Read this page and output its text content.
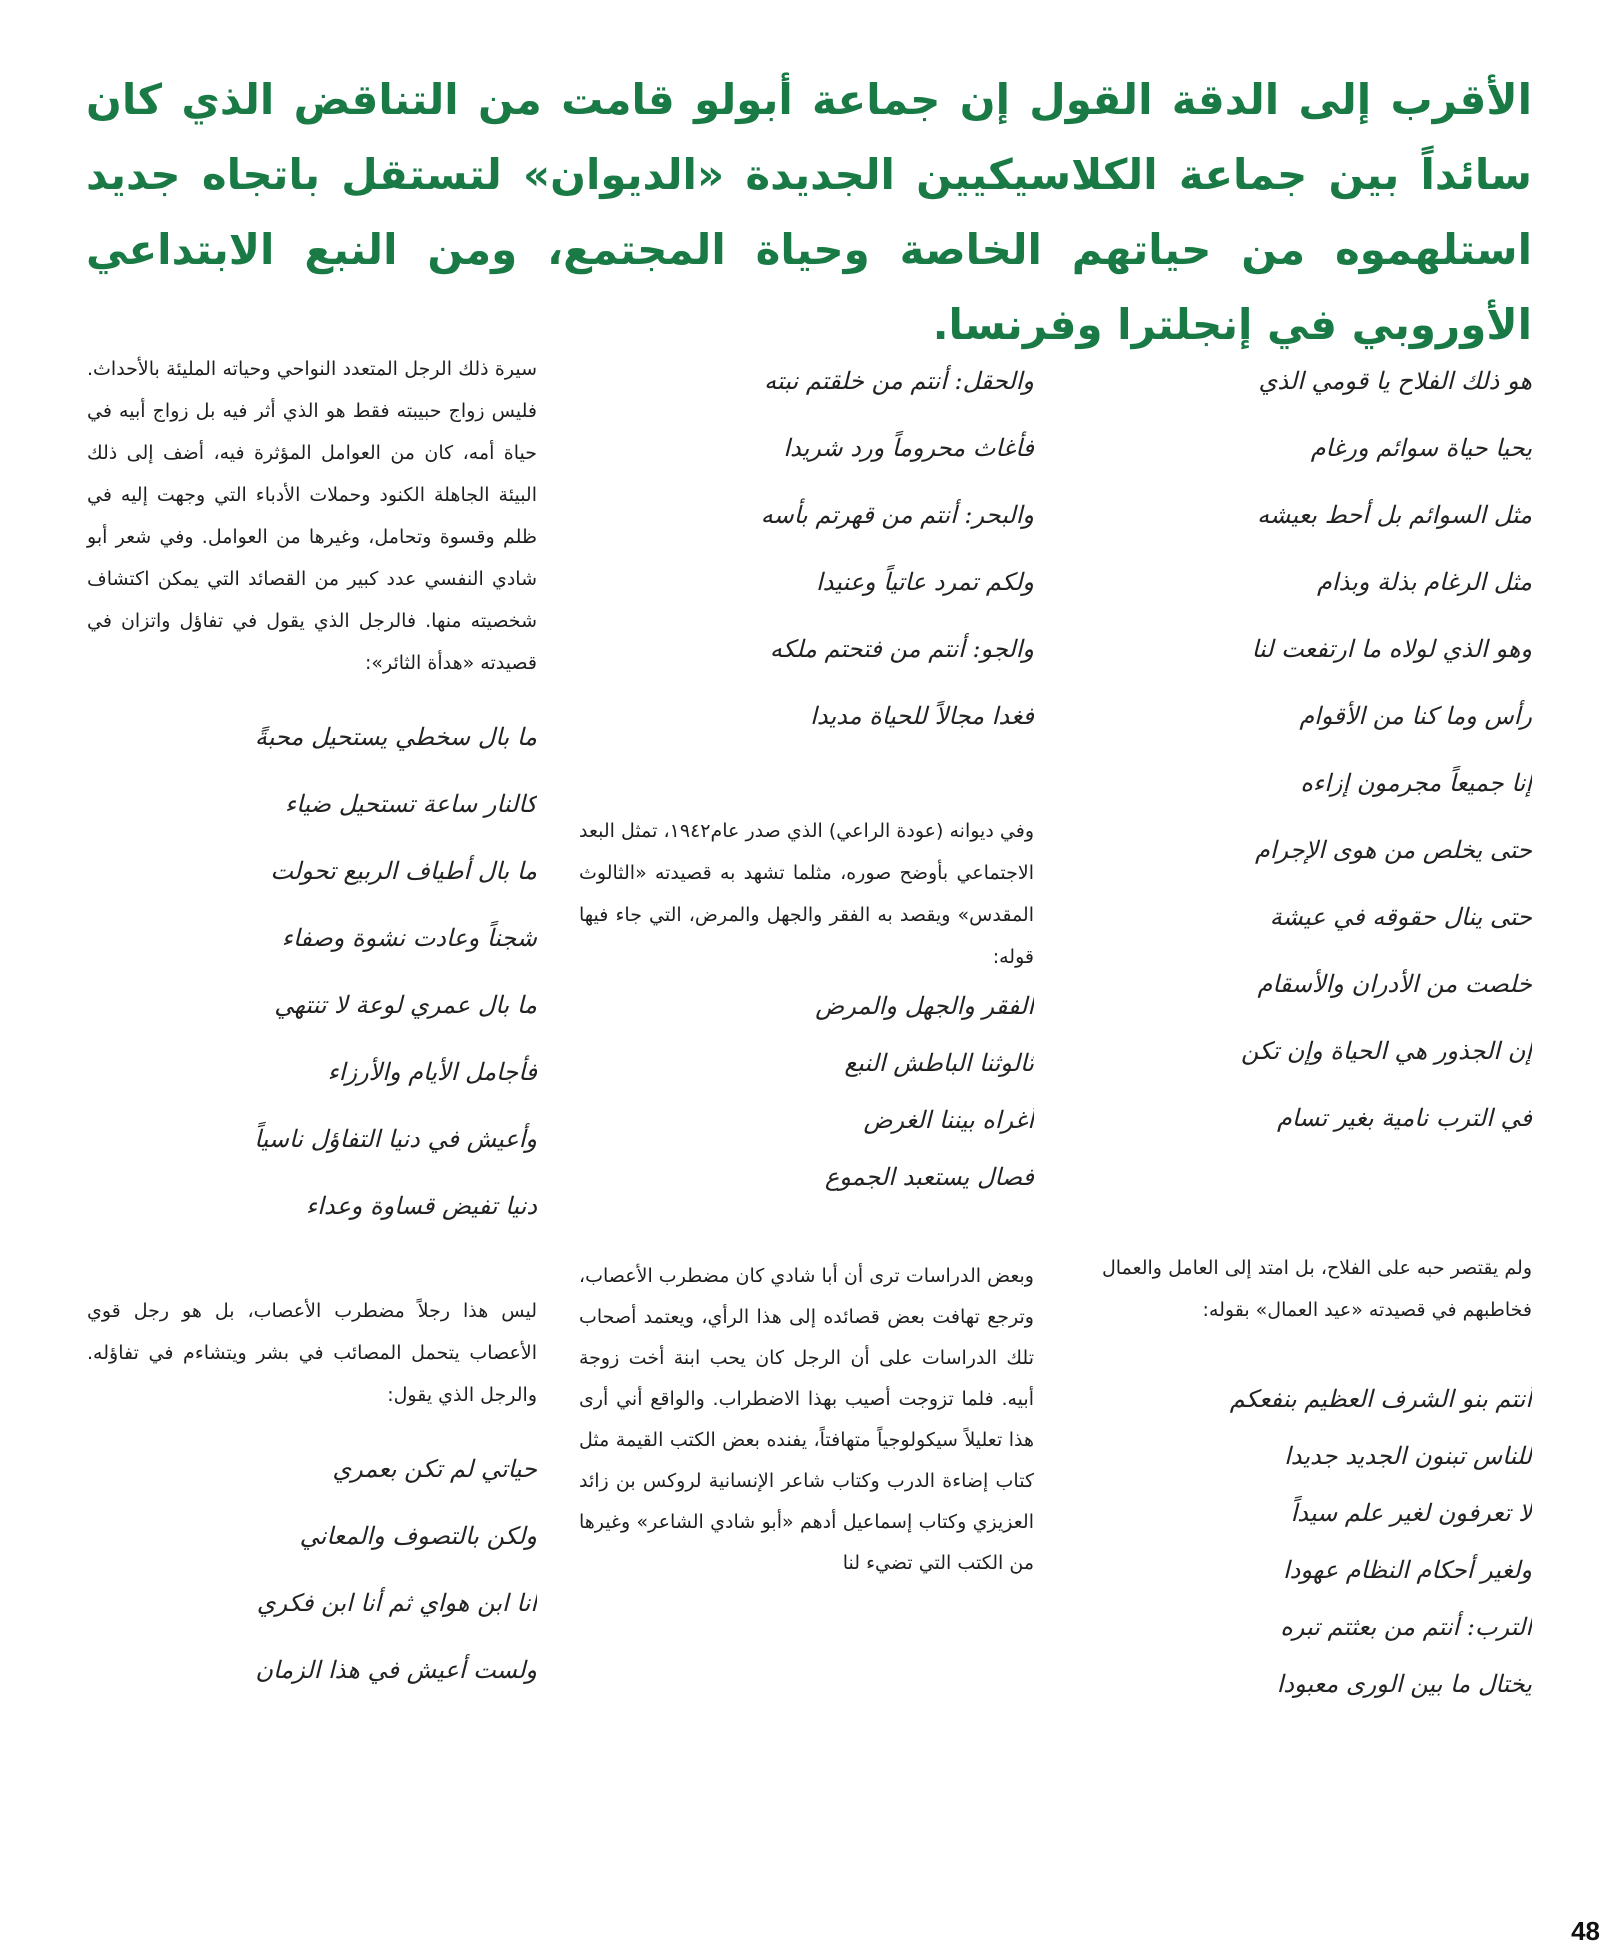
الأقرب إلى الدقة القول إن جماعة أبولو قامت من التناقض الذي كان سائداً بين جماعة الكلاسيكيين الجديدة «الديوان» لتستقل باتجاه جديد استلهموه من حياتهم الخاصة وحياة المجتمع، ومن النبع الابتداعي الأوروبي في إنجلترا وفرنسا.

هو ذلك الفلاح يا قومي الذي
يحيا حياة سوائم ورغام
مثل السوائم بل أحط بعيشه
مثل الرغام بذلة وبذام
وهو الذي لولاه ما ارتفعت لنا
رأس وما كنا من الأقوام
إنا جميعاً مجرمون إزاءه
حتى يخلص من هوى الإجرام
حتى ينال حقوقه في عيشة
خلصت من الأدران والأسقام
إن الجذور هي الحياة وإن تكن
في الترب نامية بغير تسام

ولم يقتصر حبه على الفلاح، بل امتد إلى العامل والعمال فخاطبهم في قصيدته «عيد العمال» بقوله:

أنتم بنو الشرف العظيم بنفعكم
للناس تبنون الجديد جديدا
لا تعرفون لغير علم سيداً
ولغير أحكام النظام عهودا
الترب: أنتم من بعثتم تبره
يختال ما بين الورى معبودا
والحقل: أنتم من خلقتم نبته
فأغاث محروماً ورد شريدا
والبحر: أنتم من قهرتم بأسه
ولكم تمرد عاتياً وعنيدا
والجو: أنتم من فتحتم ملكه
فغدا مجالاً للحياة مديدا

وفي ديوانه (عودة الراعي) الذي صدر عام١٩٤٢، تمثل البعد الاجتماعي بأوضح صوره، مثلما تشهد به قصيدته «الثالوث المقدس» ويقصد به الفقر والجهل والمرض، التي جاء فيها قوله:

الفقر والجهل والمرض
ثالوثنا الباطش النبع
أغراه بيننا الغرض
فصال يستعبد الجموع

وبعض الدراسات ترى أن أبا شادي كان مضطرب الأعصاب، وترجع تهافت بعض قصائده إلى هذا الرأي، ويعتمد أصحاب تلك الدراسات على أن الرجل كان يحب ابنة أخت زوجة أبيه. فلما تزوجت أصيب بهذا الاضطراب. والواقع أني أرى هذا تعليلاً سيكولوجياً متهافتاً، يفنده بعض الكتب القيمة مثل كتاب إضاءة الدرب وكتاب شاعر الإنسانية لروكس بن زائد العزيزي وكتاب إسماعيل أدهم «أبو شادي الشاعر» وغيرها من الكتب التي تضيء لنا

سيرة ذلك الرجل المتعدد النواحي وحياته المليئة بالأحداث. فليس زواج حبيبته فقط هو الذي أثر فيه بل زواج أبيه في حياة أمه، كان من العوامل المؤثرة فيه، أضف إلى ذلك البيئة الجاهلة الكنود وحملات الأدباء التي وجهت إليه في ظلم وقسوة وتحامل، وغيرها من العوامل. وفي شعر أبو شادي النفسي عدد كبير من القصائد التي يمكن اكتشاف شخصيته منها. فالرجل الذي يقول في تفاؤل واتزان في قصيدته «هدأة الثائر»:

ما بال سخطي يستحيل محبةً
كالنار ساعة تستحيل ضياء
ما بال أطياف الربيع تحولت
شجناً وعادت نشوة وصفاء
ما بال عمري لوعة لا تنتهي
فأجامل الأيام والأرزاء
وأعيش في دنيا التفاؤل ناسياً
دنيا تفيض قساوة وعداء

ليس هذا رجلاً مضطرب الأعصاب، بل هو رجل قوي الأعصاب يتحمل المصائب في بشر ويتشاءم في تفاؤله. والرجل الذي يقول:

حياتي لم تكن بعمري
ولكن بالتصوف والمعاني
انا ابن هواي ثم أنا ابن فكري
ولست أعيش في هذا الزمان
48
